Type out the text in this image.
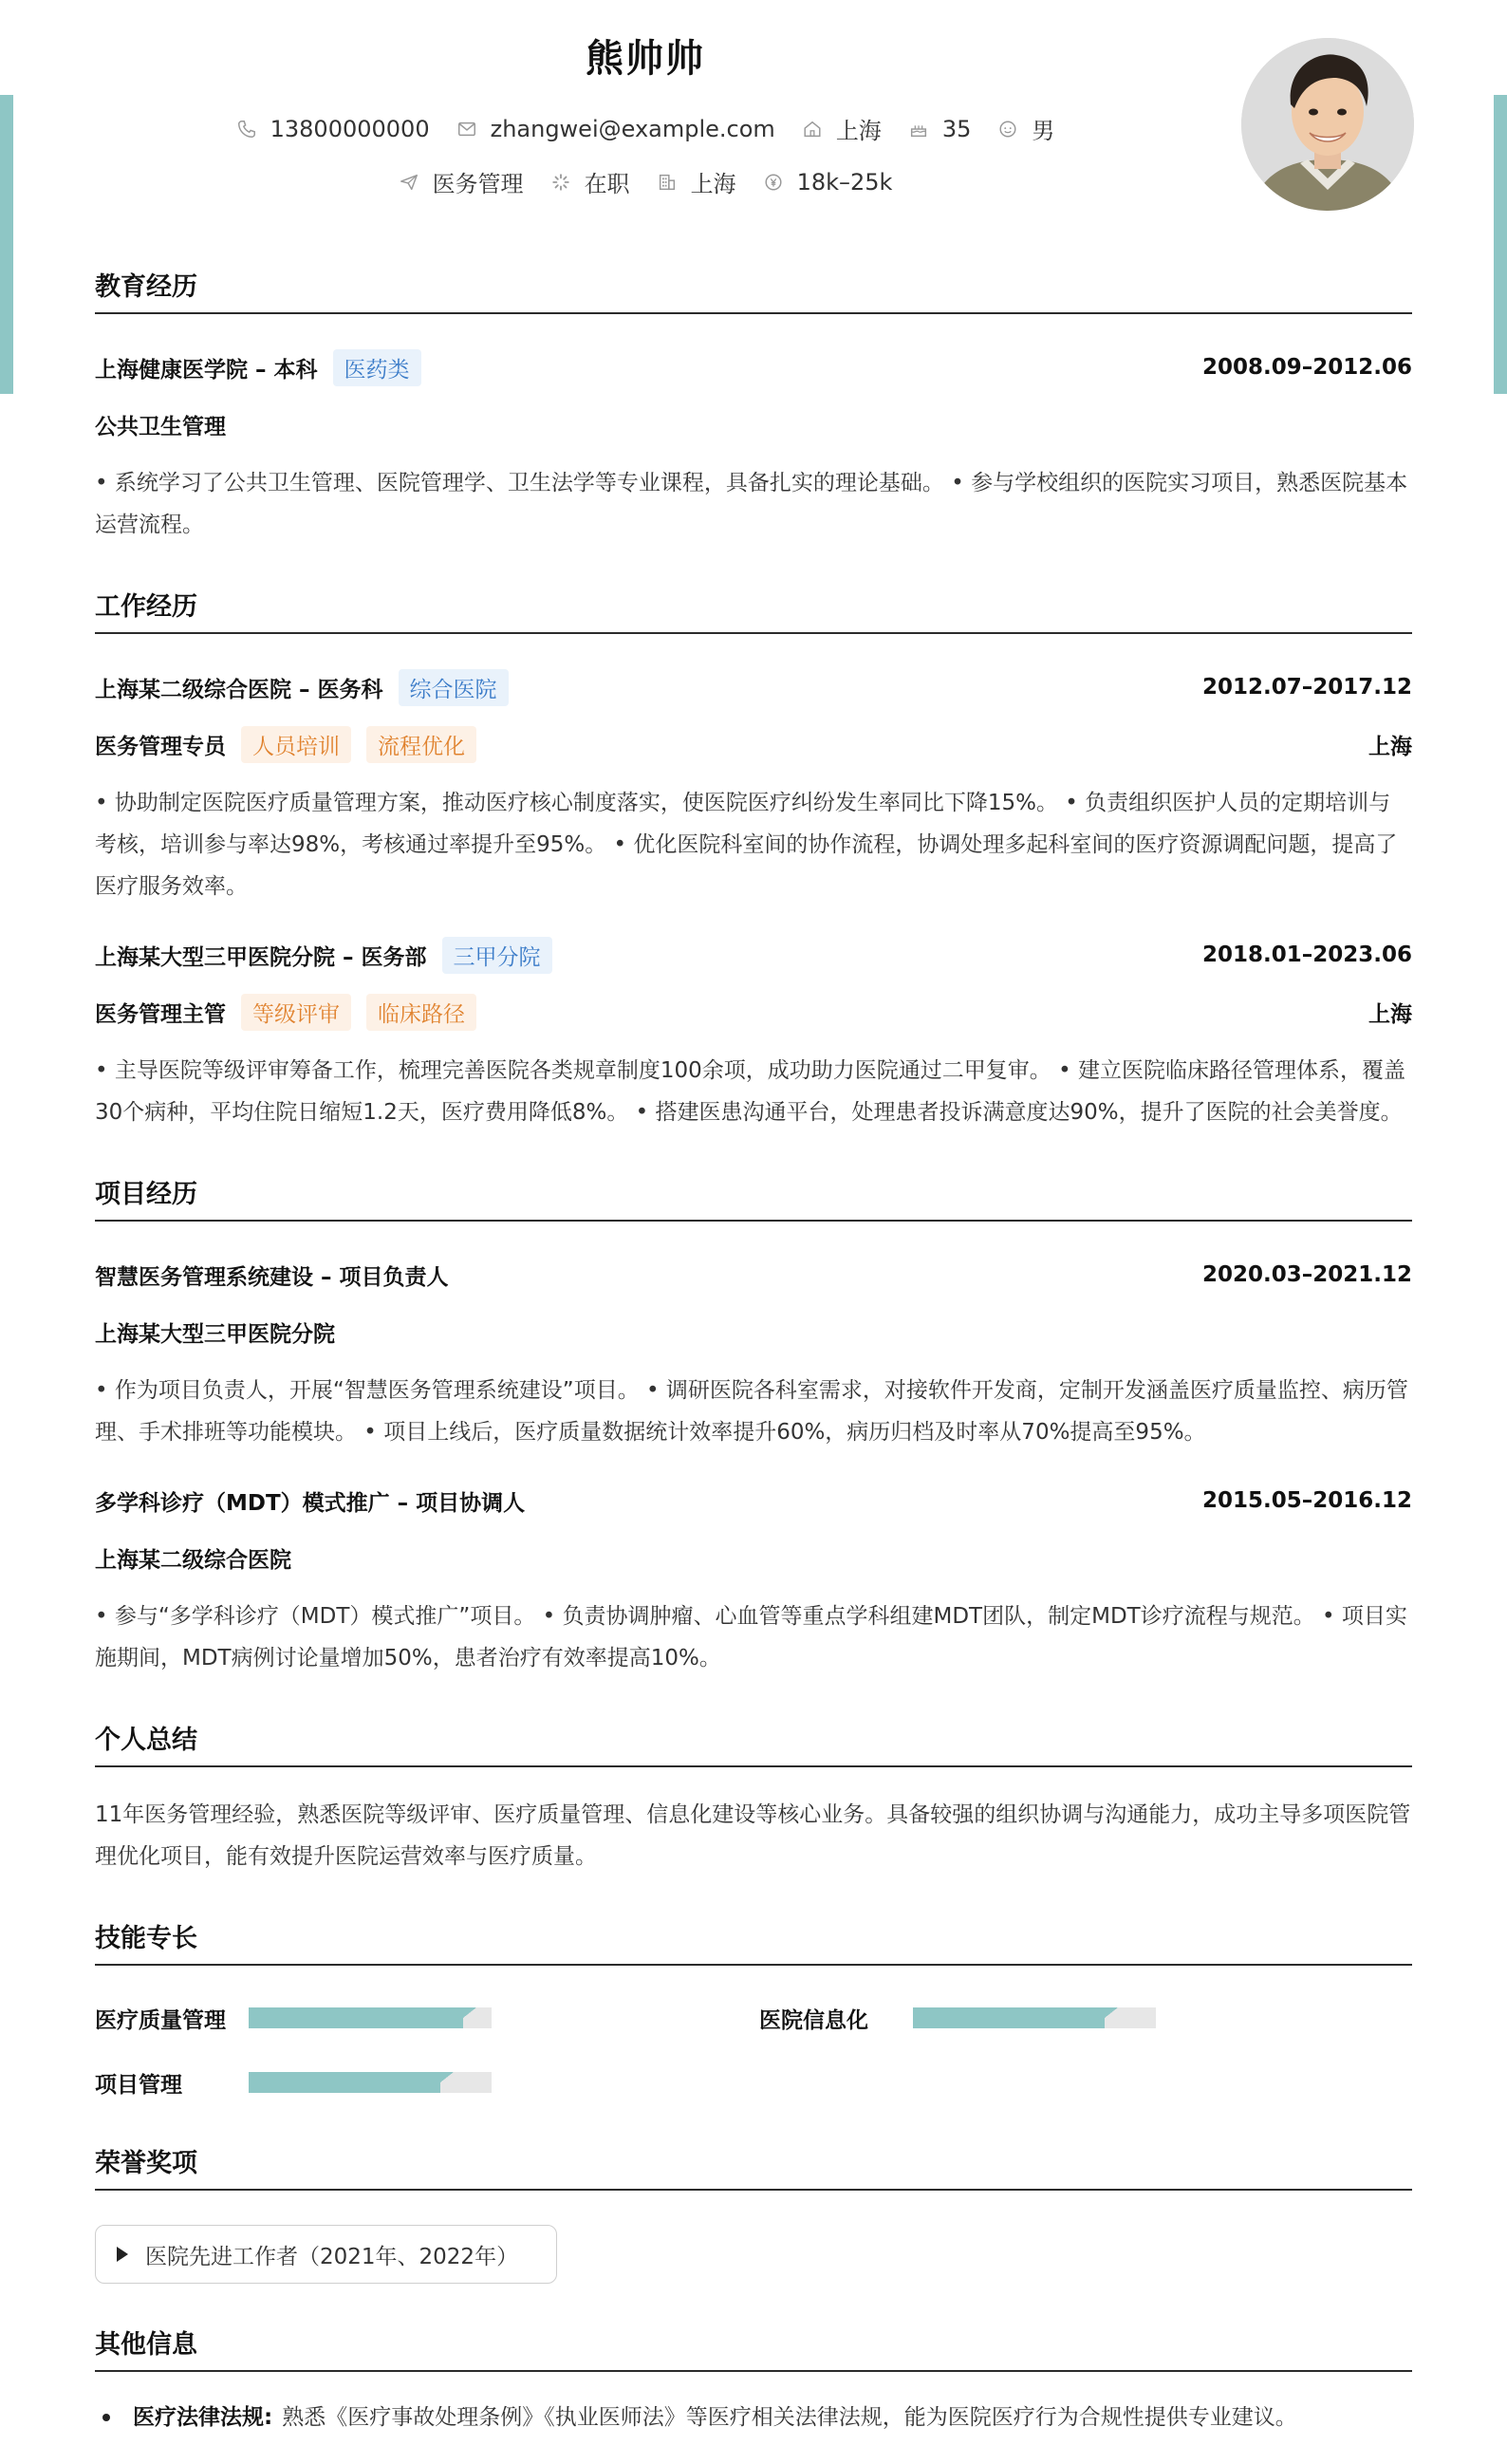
熊帅帅
13800000000	zhangwei@example.com	上海	35	男
医务管理	在职	上海	18k–25k
教育经历
上海健康医学院 – 本科	医药类	2008.09–2012.06
公共卫生管理
• 系统学习了公共卫生管理、医院管理学、卫生法学等专业课程，具备扎实的理论基础。 • 参与学校组织的医院实习项目，熟悉医院基本运营流程。
工作经历
上海某二级综合医院 – 医务科	综合医院	2012.07–2017.12
医务管理专员	人员培训	流程优化	上海
• 协助制定医院医疗质量管理方案，推动医疗核心制度落实，使医院医疗纠纷发生率同比下降15%。 • 负责组织医护人员的定期培训与考核，培训参与率达98%，考核通过率提升至95%。 • 优化医院科室间的协作流程，协调处理多起科室间的医疗资源调配问题，提高了医疗服务效率。
上海某大型三甲医院分院 – 医务部	三甲分院	2018.01–2023.06
医务管理主管	等级评审	临床路径	上海
• 主导医院等级评审筹备工作，梳理完善医院各类规章制度100余项，成功助力医院通过二甲复审。 • 建立医院临床路径管理体系，覆盖30个病种，平均住院日缩短1.2天，医疗费用降低8%。 • 搭建医患沟通平台，处理患者投诉满意度达90%，提升了医院的社会美誉度。
项目经历
智慧医务管理系统建设 – 项目负责人	2020.03–2021.12
上海某大型三甲医院分院
• 作为项目负责人，开展“智慧医务管理系统建设”项目。 • 调研医院各科室需求，对接软件开发商，定制开发涵盖医疗质量监控、病历管理、手术排班等功能模块。 • 项目上线后，医疗质量数据统计效率提升60%，病历归档及时率从70%提高至95%。
多学科诊疗（MDT）模式推广 – 项目协调人	2015.05–2016.12
上海某二级综合医院
• 参与“多学科诊疗（MDT）模式推广”项目。 • 负责协调肿瘤、心血管等重点学科组建MDT团队，制定MDT诊疗流程与规范。 • 项目实施期间，MDT病例讨论量增加50%，患者治疗有效率提高10%。
个人总结
11年医务管理经验，熟悉医院等级评审、医疗质量管理、信息化建设等核心业务。具备较强的组织协调与沟通能力，成功主导多项医院管理优化项目，能有效提升医院运营效率与医疗质量。
技能专长
医疗质量管理	医院信息化
项目管理
荣誉奖项
医院先进工作者（2021年、2022年）
其他信息
医疗法律法规: 熟悉《医疗事故处理条例》《执业医师法》等医疗相关法律法规，能为医院医疗行为合规性提供专业建议。
